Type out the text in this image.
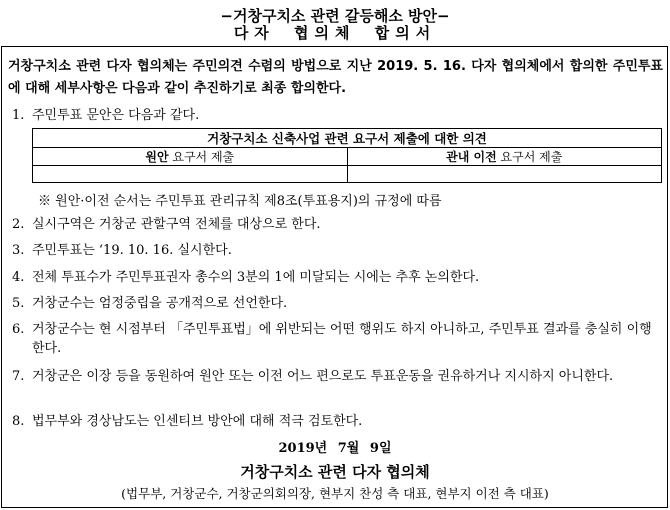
−거창구치소 관련 갈등해소 방안−
다자 협의체 합의서
거창구치소 관련 다자 협의체는 주민의견 수렴의 방법으로 지난 2019. 5. 16. 다자 협의체에서 합의한 주민투표에 대해 세부사항은 다음과 같이 추진하기로 최종 합의한다.
1. 주민투표 문안은 다음과 같다.
거창구치소 신축사업 관련 요구서 제출에 대한 의견	
원안 요구서 제출	관내 이전 요구서 제출

※ 원안·이전 순서는 주민투표 관리규칙 제8조(투표용지)의 규정에 따름
2. 실시구역은 거창군 관할구역 전체를 대상으로 한다.
3. 주민투표는 ‘19. 10. 16. 실시한다.
4. 전체 투표수가 주민투표권자 총수의 3분의 1에 미달되는 시에는 추후 논의한다.
5. 거창군수는 엄정중립을 공개적으로 선언한다.
6. 거창군수는 현 시점부터 「주민투표법」에 위반되는 어떤 행위도 하지 아니하고, 주민투표 결과를 충실히 이행한다.
7. 거창군은 이장 등을 동원하여 원안 또는 이전 어느 편으로도 투표운동을 권유하거나 지시하지 아니한다.
8. 법무부와 경상남도는 인센티브 방안에 대해 적극 검토한다.
2019년 7월 9일
거창구치소 관련 다자 협의체
(법무부, 거창군수, 거창군의회의장, 현부지 찬성 측 대표, 현부지 이전 측 대표)
